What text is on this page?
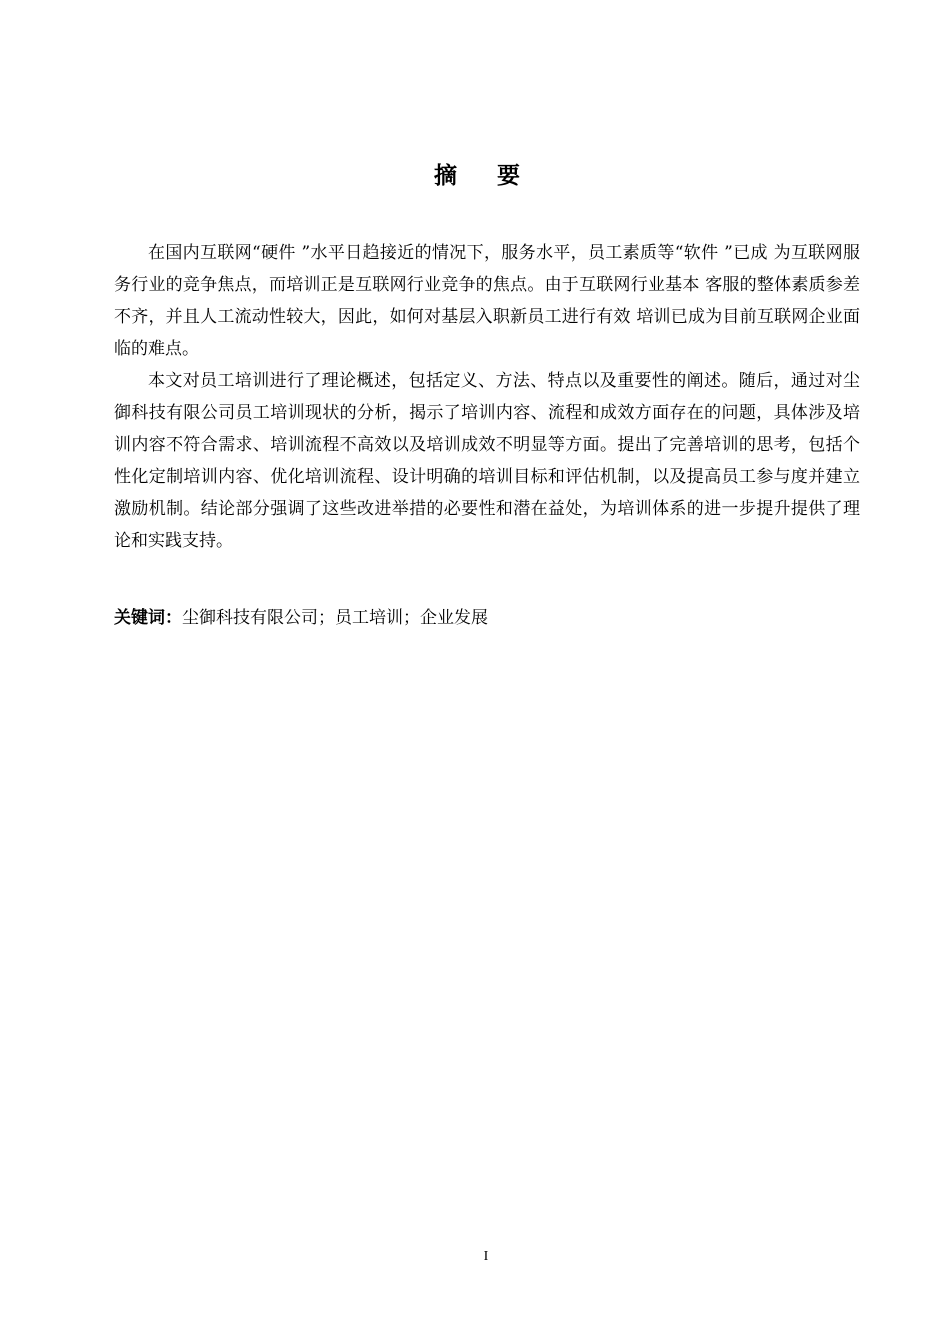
摘 要

在国内互联网“硬件 ”水平日趋接近的情况下，服务水平，员工素质等“软件 ”已成 为互联网服务行业的竞争焦点，而培训正是互联网行业竞争的焦点。由于互联网行业基本 客服的整体素质参差不齐，并且人工流动性较大，因此，如何对基层入职新员工进行有效 培训已成为目前互联网企业面临的难点。

本文对员工培训进行了理论概述，包括定义、方法、特点以及重要性的阐述。随后，通过对尘御科技有限公司员工培训现状的分析，揭示了培训内容、流程和成效方面存在的问题，具体涉及培训内容不符合需求、培训流程不高效以及培训成效不明显等方面。提出了完善培训的思考，包括个性化定制培训内容、优化培训流程、设计明确的培训目标和评估机制，以及提高员工参与度并建立激励机制。结论部分强调了这些改进举措的必要性和潜在益处，为培训体系的进一步提升提供了理论和实践支持。

关键词：尘御科技有限公司；员工培训；企业发展

I
